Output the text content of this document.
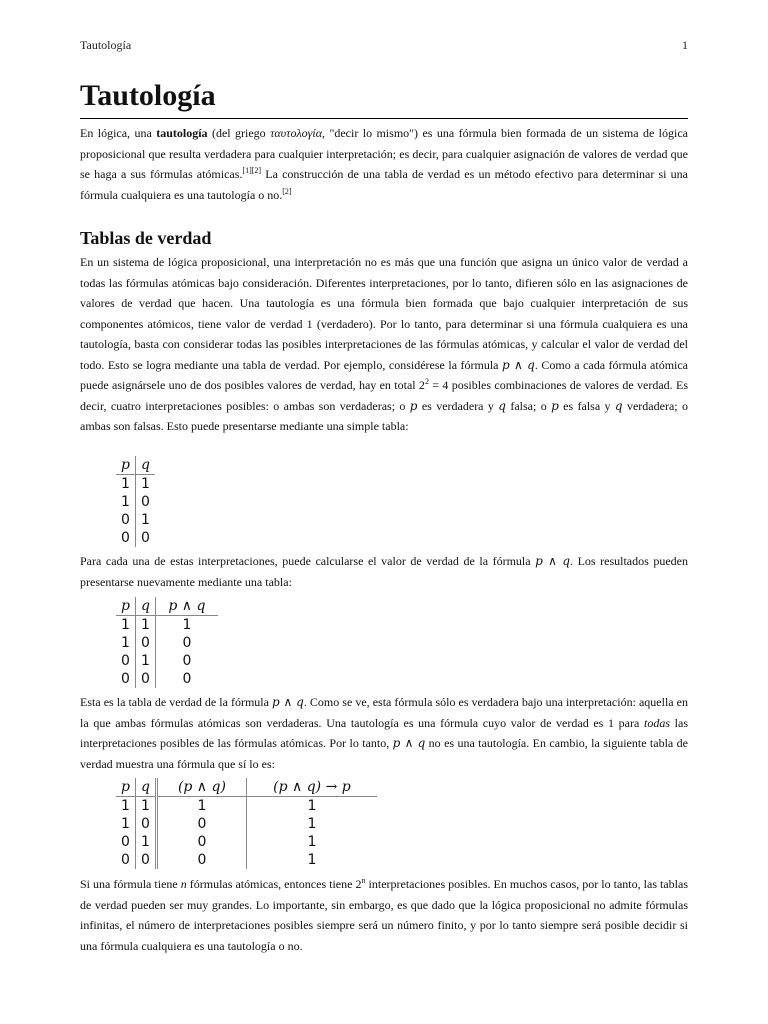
Tautología	1
Tautología

En lógica, una tautología (del griego ταυτολογία, "decir lo mismo") es una fórmula bien formada de un sistema de lógica proposicional que resulta verdadera para cualquier interpretación; es decir, para cualquier asignación de valores de verdad que se haga a sus fórmulas atómicas.[1][2] La construcción de una tabla de verdad es un método efectivo para determinar si una fórmula cualquiera es una tautología o no.[2]

Tablas de verdad

En un sistema de lógica proposicional, una interpretación no es más que una función que asigna un único valor de verdad a todas las fórmulas atómicas bajo consideración. Diferentes interpretaciones, por lo tanto, difieren sólo en las asignaciones de valores de verdad que hacen. Una tautología es una fórmula bien formada que bajo cualquier interpretación de sus componentes atómicos, tiene valor de verdad 1 (verdadero). Por lo tanto, para determinar si una fórmula cualquiera es una tautología, basta con considerar todas las posibles interpretaciones de las fórmulas atómicas, y calcular el valor de verdad del todo. Esto se logra mediante una tabla de verdad. Por ejemplo, considérese la fórmula p ∧ q. Como a cada fórmula atómica puede asignársele uno de dos posibles valores de verdad, hay en total $2^2 = 4$ posibles combinaciones de valores de verdad. Es decir, cuatro interpretaciones posibles: o ambas son verdaderas; o p es verdadera y q falsa; o p es falsa y q verdadera; o ambas son falsas. Esto puede presentarse mediante una simple tabla:

p	q
1	1
1	0
0	1
0	0

Para cada una de estas interpretaciones, puede calcularse el valor de verdad de la fórmula p ∧ q. Los resultados pueden presentarse nuevamente mediante una tabla:

p	q	p ∧ q
1	1	1
1	0	0
0	1	0
0	0	0

Esta es la tabla de verdad de la fórmula p ∧ q. Como se ve, esta fórmula sólo es verdadera bajo una interpretación: aquella en la que ambas fórmulas atómicas son verdaderas. Una tautología es una fórmula cuyo valor de verdad es 1 para todas las interpretaciones posibles de las fórmulas atómicas. Por lo tanto, p ∧ q no es una tautología. En cambio, la siguiente tabla de verdad muestra una fórmula que sí lo es:

p	q	(p ∧ q)	(p ∧ q) → p
1	1	1	1
1	0	0	1
0	1	0	1
0	0	0	1

Si una fórmula tiene n fórmulas atómicas, entonces tiene 2$^n$ interpretaciones posibles. En muchos casos, por lo tanto, las tablas de verdad pueden ser muy grandes. Lo importante, sin embargo, es que dado que la lógica proposicional no admite fórmulas infinitas, el número de interpretaciones posibles siempre será un número finito, y por lo tanto siempre será posible decidir si una fórmula cualquiera es una tautología o no.
